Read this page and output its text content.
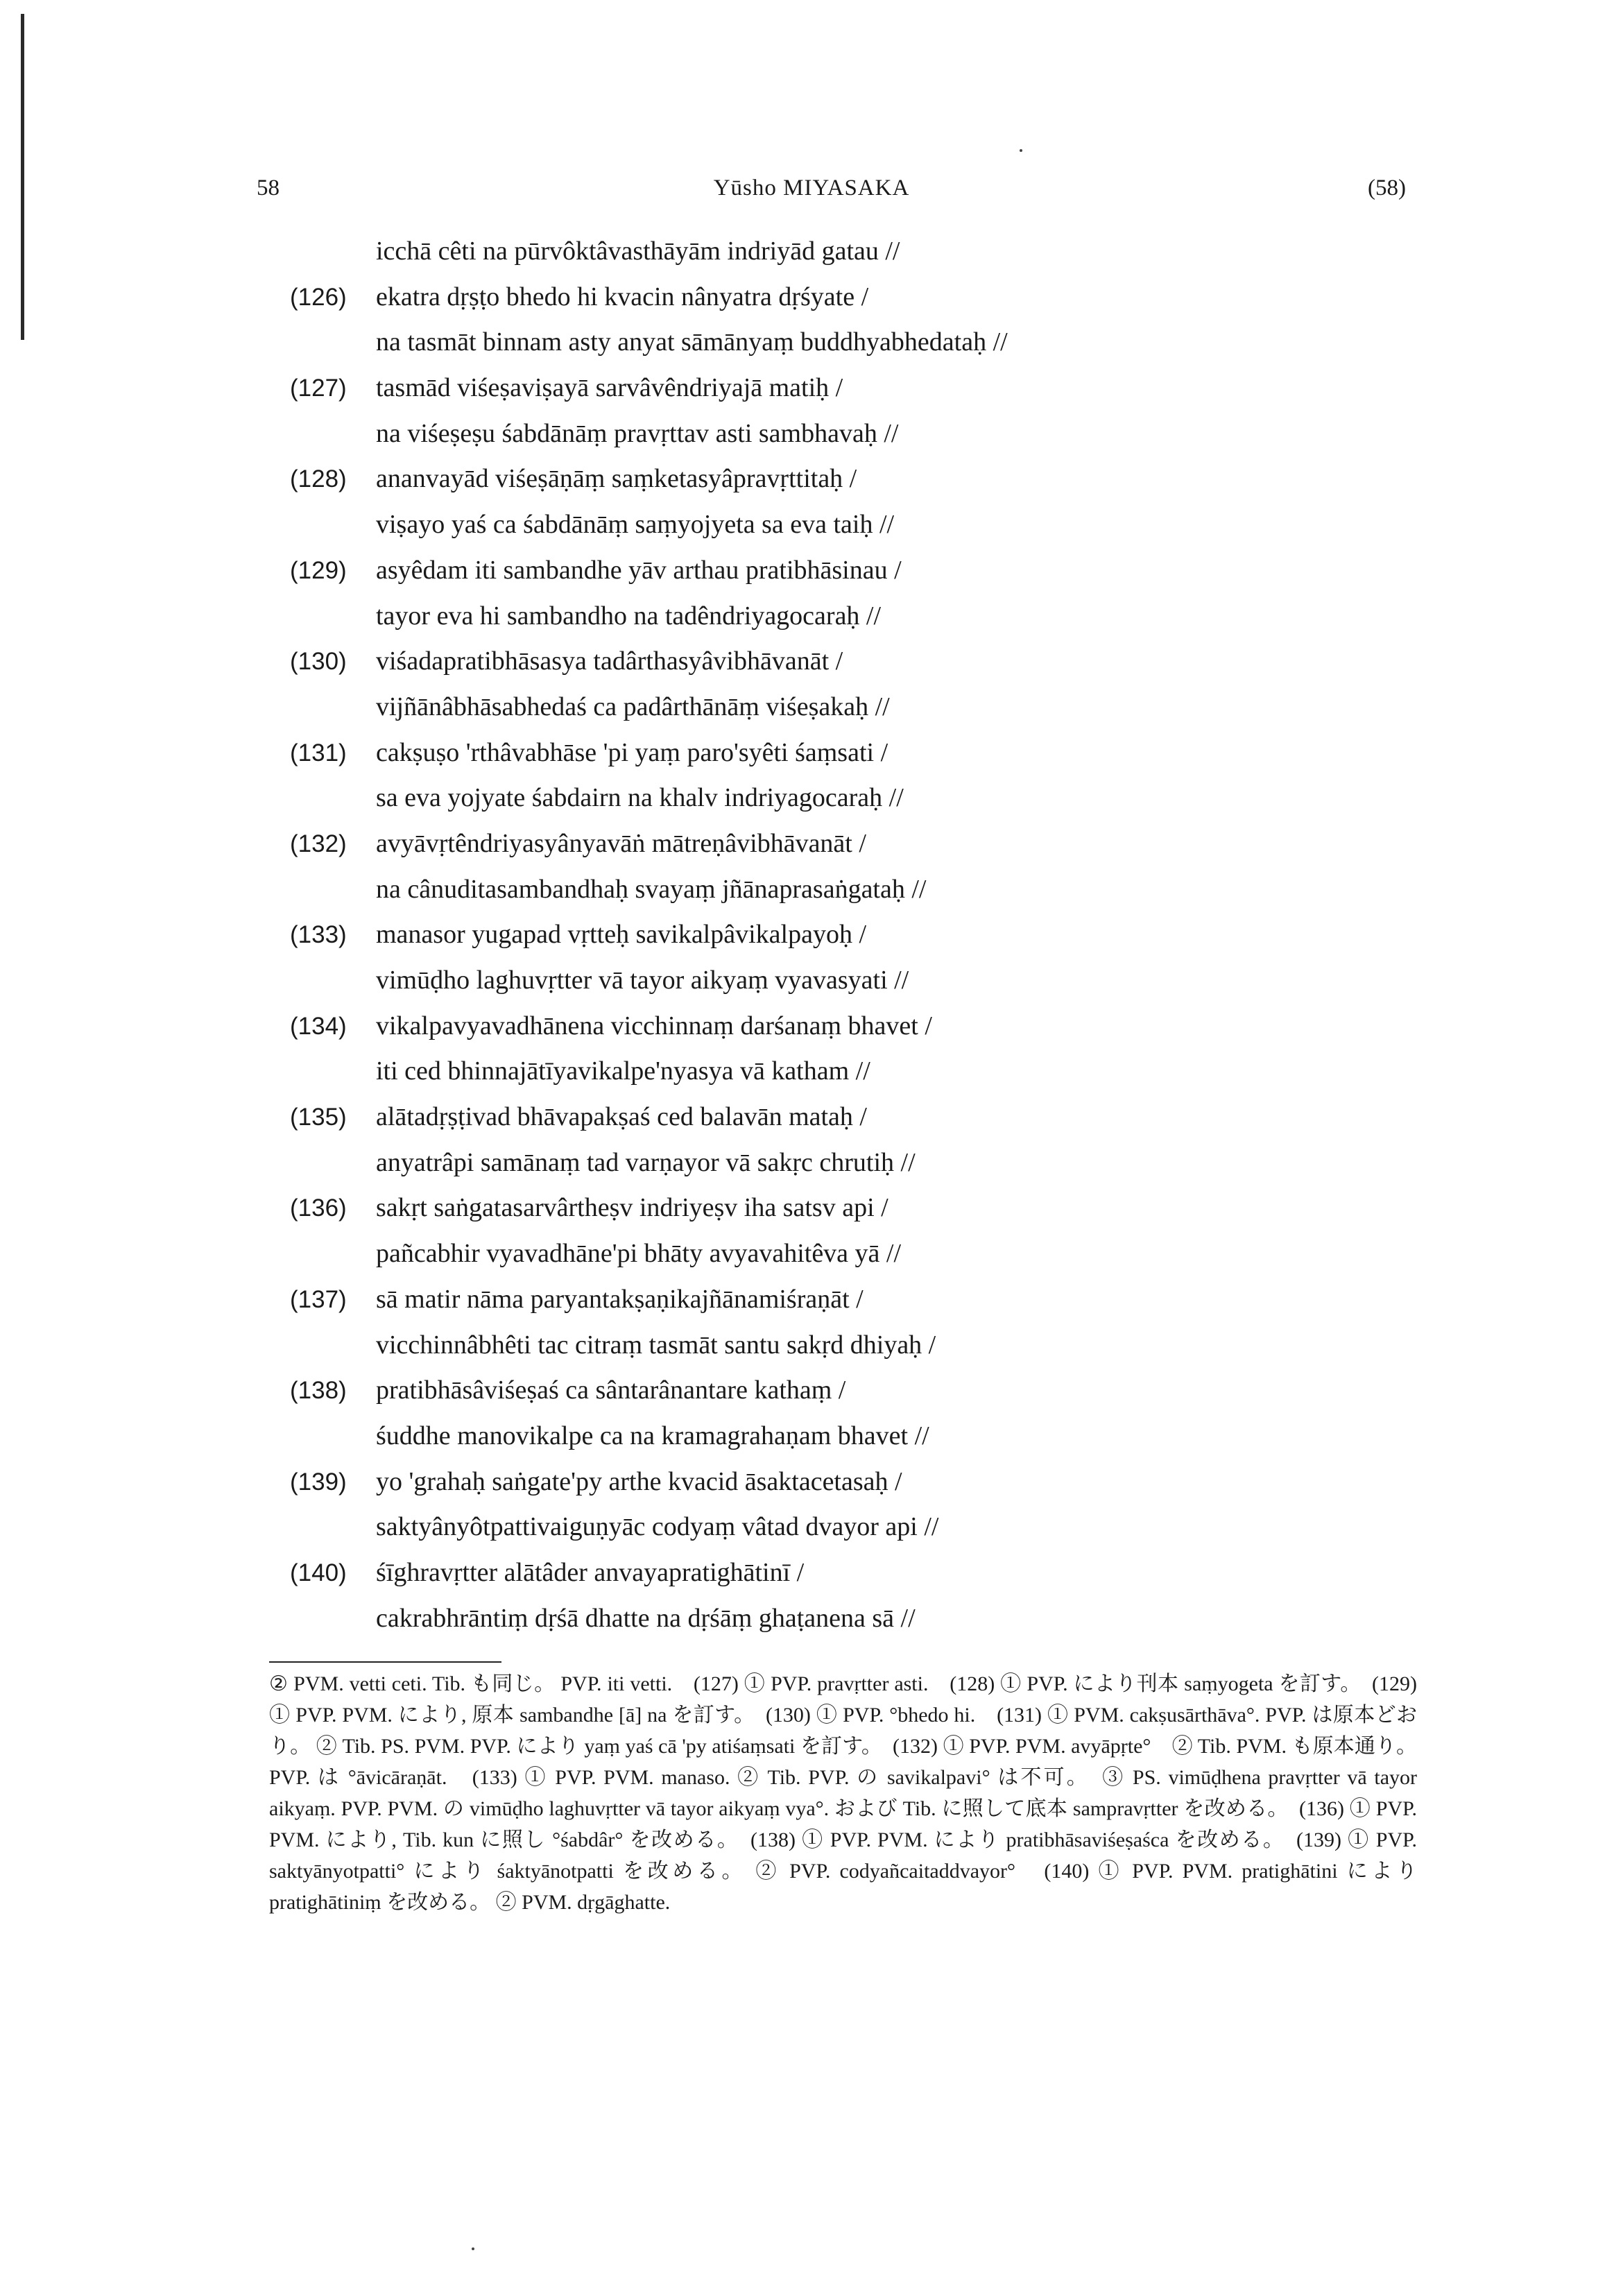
58	Yūsho MIYASAKA	(58)
icchā cêti na pūrvôktâvasthāyām indriyād gatau //
(126) ekatra dṛṣṭo bhedo hi kvacin nânyatra dṛśyate /
na tasmāt binnam asty anyat sāmānyaṃ buddhyabhedataḥ //
(127) tasmād viśeṣaviṣayā sarvâvêndriyajā matiḥ /
na viśeṣeṣu śabdānāṃ pravṛttav asti sambhavaḥ //
(128) ananvayād viśeṣāṇāṃ saṃketasyâpravṛttitaḥ /
viṣayo yaś ca śabdānāṃ saṃyojyeta sa eva taiḥ //
(129) asyêdam iti sambandhe yāv arthau pratibhāsinau /
tayor eva hi sambandho na tadêndriyagocaraḥ //
(130) viśadapratibhāsasya tadârthasyâvibhāvanāt /
vijñānâbhāsabhedaś ca padârthānāṃ viśeṣakaḥ //
(131) cakṣuṣo 'rthâvabhāse 'pi yaṃ paro'syêti śaṃsati /
sa eva yojyate śabdairn na khalv indriyagocaraḥ //
(132) avyāvṛtêndriyasyânyavāṅ mātreṇâvibhāvanāt /
na cânuditasambandhaḥ svayaṃ jñānaprasaṅgataḥ //
(133) manasor yugapad vṛtteḥ savikalpâvikalpayoḥ /
vimūḍho laghuvṛtter vā tayor aikyaṃ vyavasyati //
(134) vikalpavyavadhānena vicchinnaṃ darśanaṃ bhavet /
iti ced bhinnajātīyavikalpe'nyasya vā katham //
(135) alātadṛṣṭivad bhāvapakṣaś ced balavān mataḥ /
anyatrâpi samānaṃ tad varṇayor vā sakṛc chrutiḥ //
(136) sakṛt saṅgatasarvârtheṣv indriyeṣv iha satsv api /
pañcabhir vyavadhāne'pi bhāty avyavahitêva yā //
(137) sā matir nāma paryantakṣaṇikajñānamiśraṇāt /
vicchinnâbhêti tac citraṃ tasmāt santu sakṛd dhiyaḥ /
(138) pratibhāsâviśeṣaś ca sântarânantare kathaṃ /
śuddhe manovikalpe ca na kramagrahaṇam bhavet //
(139) yo 'grahaḥ saṅgate'py arthe kvacid āsaktacetasaḥ /
saktyânyôtpattivaiguṇyāc codyaṃ vâtad dvayor api //
(140) śīghravṛtter alātâder anvayapratighātinī /
cakrabhrāntiṃ dṛśā dhatte na dṛśāṃ ghaṭanena sā //

② PVM. vetti ceti. Tib. も同じ。 PVP. iti vetti.　(127) ① PVP. pravṛtter asti.　(128) ① PVP. により刊本 saṃyogeta を訂す。　(129) ① PVP. PVM. により, 原本 sambandhe [ā] na を訂す。　(130) ① PVP. °bhedo hi.　(131) ① PVM. cakṣusārthāva°. PVP. は原本どおり。 ② Tib. PS. PVM. PVP. により yaṃ yaś cā 'py atiśaṃsati を訂す。　(132) ① PVP. PVM. avyāpṛte°　② Tib. PVM. も原本通り。 PVP. は °āvicāraṇāt.　(133) ① PVP. PVM. manaso. ② Tib. PVP. の savikalpavi° は不可。　③ PS. vimūḍhena pravṛtter vā tayor aikyaṃ. PVP. PVM. の vimūḍho laghuvṛtter vā tayor aikyaṃ vya°. および Tib. に照して底本 sampravṛtter を改める。　(136) ① PVP. PVM. により, Tib. kun に照し °śabdâr° を改める。　(138) ① PVP. PVM. により pratibhāsaviśeṣaśca を改める。　(139) ① PVP. saktyānyotpatti° により śaktyānotpatti を改める。 ② PVP. codyañcaitaddvayor°　(140) ① PVP. PVM. pratighātini により pratighātiniṃ を改める。 ② PVM. dṛgāghatte.
